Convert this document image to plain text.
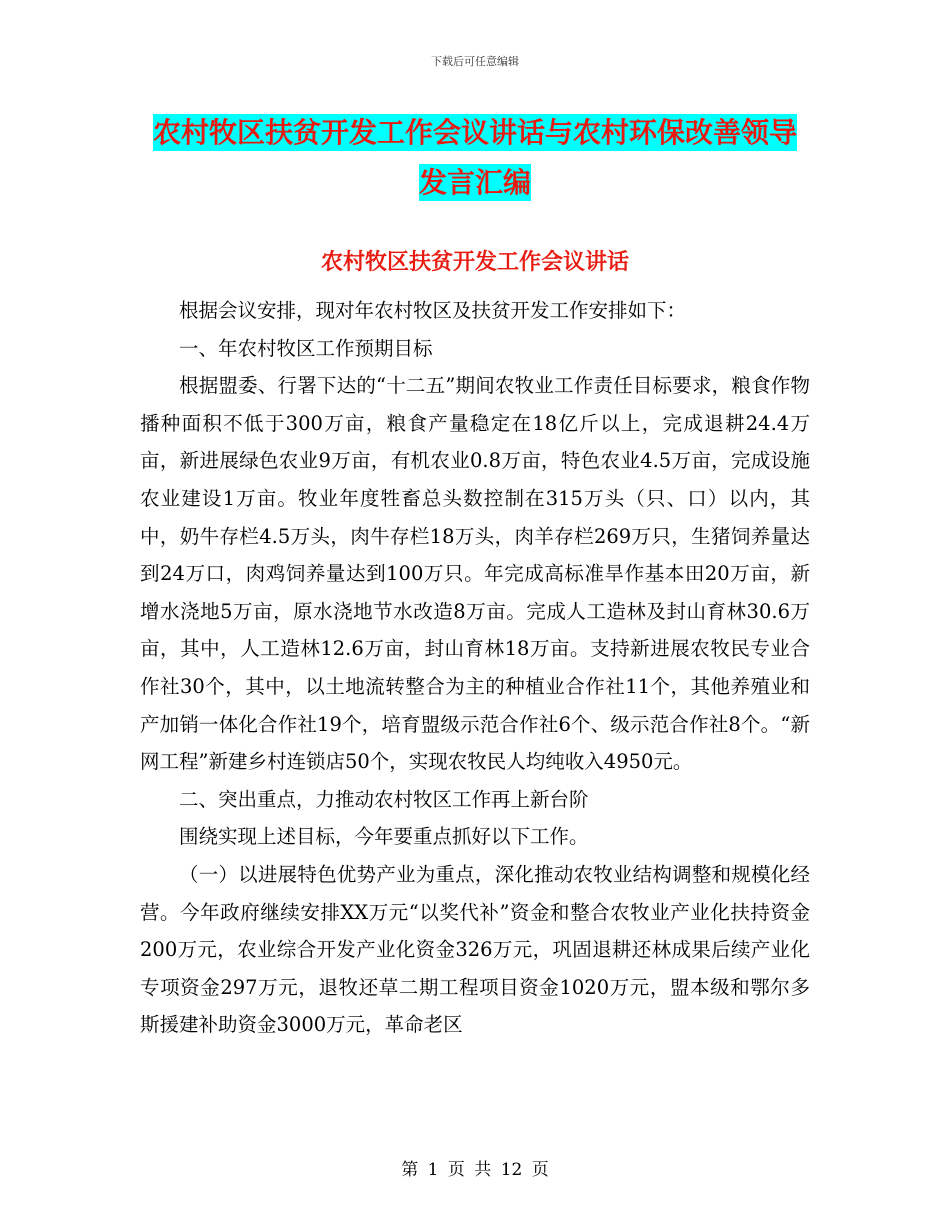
下载后可任意编辑
农村牧区扶贫开发工作会议讲话与农村环保改善领导发言汇编
农村牧区扶贫开发工作会议讲话

根据会议安排，现对年农村牧区及扶贫开发工作安排如下：

一、年农村牧区工作预期目标

根据盟委、行署下达的“十二五”期间农牧业工作责任目标要求，粮食作物播种面积不低于300万亩，粮食产量稳定在18亿斤以上，完成退耕24.4万亩，新进展绿色农业9万亩，有机农业0.8万亩，特色农业4.5万亩，完成设施农业建设1万亩。牧业年度牲畜总头数控制在315万头（只、口）以内，其中，奶牛存栏4.5万头，肉牛存栏18万头，肉羊存栏269万只，生猪饲养量达到24万口，肉鸡饲养量达到100万只。年完成高标准旱作基本田20万亩，新增水浇地5万亩，原水浇地节水改造8万亩。完成人工造林及封山育林30.6万亩，其中，人工造林12.6万亩，封山育林18万亩。支持新进展农牧民专业合作社30个，其中，以土地流转整合为主的种植业合作社11个，其他养殖业和产加销一体化合作社19个，培育盟级示范合作社6个、级示范合作社8个。“新网工程”新建乡村连锁店50个，实现农牧民人均纯收入4950元。

二、突出重点，力推动农村牧区工作再上新台阶

围绕实现上述目标，今年要重点抓好以下工作。

（一）以进展特色优势产业为重点，深化推动农牧业结构调整和规模化经营。今年政府继续安排XX万元“以奖代补”资金和整合农牧业产业化扶持资金200万元，农业综合开发产业化资金326万元，巩固退耕还林成果后续产业化专项资金297万元，退牧还草二期工程项目资金1020万元，盟本级和鄂尔多斯援建补助资金3000万元，革命老区

第 1 页 共 12 页
